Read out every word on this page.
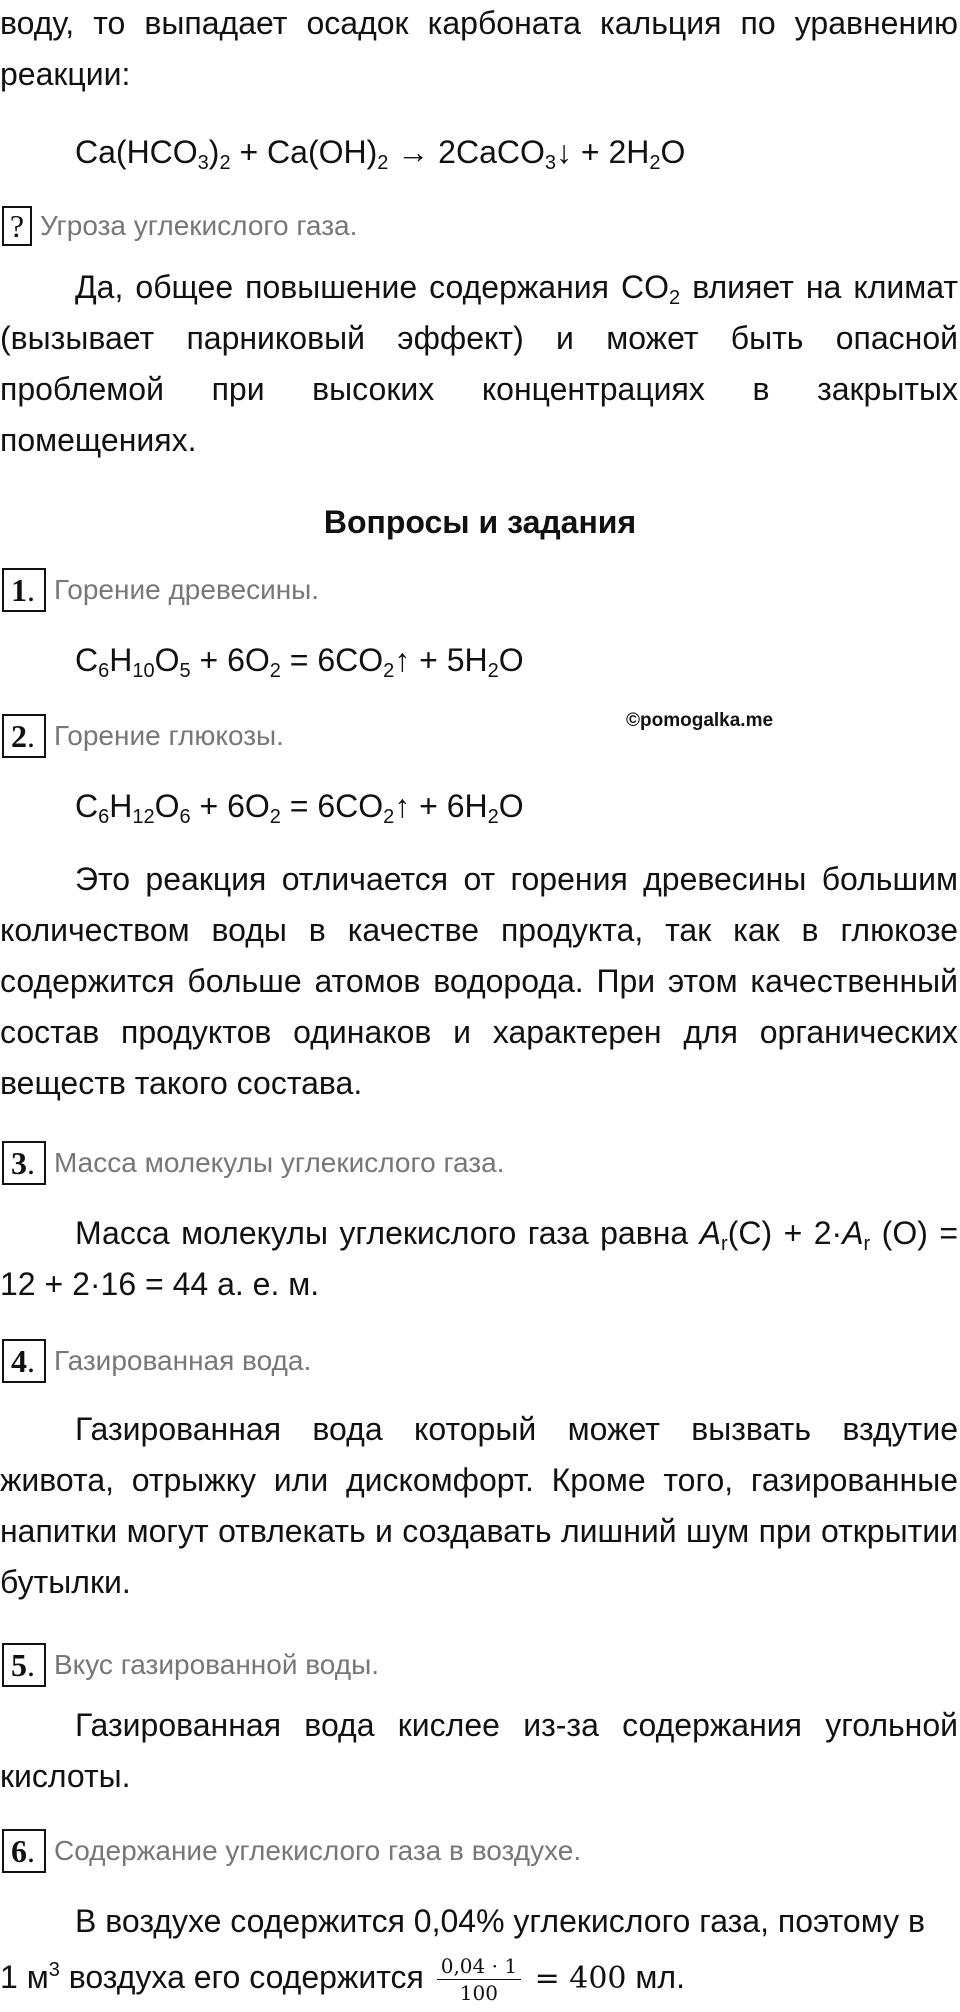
воду, то выпадает осадок карбоната кальция по уравнению реакции:

$Ca(HCO_3)_2 + Ca(OH)_2$ → 2CaCO$_3$↓ + $2H_2O$
? Угроза углекислого газа.

Да, общее повышение содержания $CO_2$ влияет на климат (вызывает парниковый эффект) и может быть опасной проблемой при высоких концентрациях в закрытых помещениях.

Вопросы и задания
1. Горение древесины.
$C_6H_{10}O_5 + 6O_2$ = $6CO_2↑ + 5H_2O$
2. Горение глюкозы.	©pomogalka.me
$C_6H_{12}O_6 + 6O_2$ = $6CO_2↑ + 6H_2O$

Это реакция отличается от горения древесины большим количеством воды в качестве продукта, так как в глюкозе содержится больше атомов водорода. При этом качественный состав продуктов одинаков и характерен для органических веществ такого состава.

3. Масса молекулы углекислого газа.

Масса молекулы углекислого газа равна $A_r(C) + 2\cdot A_r$ (O) = 12 + 2·16 = 44 а. е. м.

4. Газированная вода.

Газированная вода который может вызвать вздутие живота, отрыжку или дискомфорт. Кроме того, газированные напитки могут отвлекать и создавать лишний шум при открытии бутылки.

5. Вкус газированной воды.

Газированная вода кислее из-за содержания угольной кислоты.

6. Содержание углекислого газа в воздухе.

В воздухе содержится 0,04% углекислого газа, поэтому в

1 $м^3$ воздуха его содержится $\frac{0,04 \cdot 1}{100} = 400$ мл.
